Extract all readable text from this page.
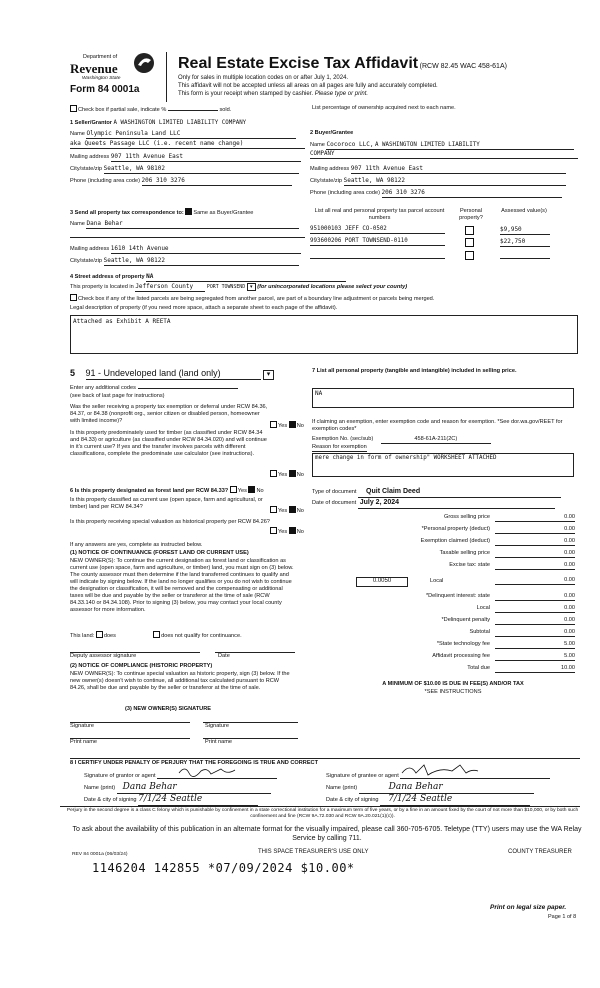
Department of
Revenue
Washington State
Form 84 0001a
Real Estate Excise Tax Affidavit (RCW 82.45 WAC 458-61A)
Only for sales in multiple location codes on or after July 1, 2024.
This affidavit will not be accepted unless all areas on all pages are fully and accurately completed.
This form is your receipt when stamped by cashier. Please type or print.
Check box if partial sale, indicate %	sold.	List percentage of ownership acquired next to each name.
1 Seller/Grantor A WASHINGTON LIMITED LIABILITY COMPANY
Name Olympic Peninsula Land LLC
aka Queets Passage LLC (i.e. recent name change)
Mailing address 907 11th Avenue East
City/state/zip Seattle, WA 98102
Phone (including area code) 206 310 3276
2 Buyer/Grantee
Name Cocoroco LLC, A WASHINGTON LIMITED LIABILITY
COMPANY
Mailing address 907 11th Avenue East
City/state/zip Seattle, WA 98122
Phone (including area code) 206 310 3276
3 Send all property tax correspondence to: Same as Buyer/Grantee
Name Dana Behar
Mailing address 1610 14th Avenue
City/state/zip Seattle, WA 98122
List all real and personal property tax parcel account numbers
Personal property?
Assessed value(s)
951000103 JEFF CO-0502	$9,950
993600206 PORT TOWNSEND-0110	$22,750
4 Street address of property NA
This property is located in Jefferson County	PORT TOWNSEND ▾ (for unincorporated locations please select your county)
Check box if any of the listed parcels are being segregated from another parcel, are part of a boundary line adjustment or parcels being merged.
Legal description of property (if you need more space, attach a separate sheet to each page of the affidavit).
Attached as Exhibit A REETA
5 91 - Undeveloped land (land only)	▾
Enter any additional codes
(see back of last page for instructions)
Was the seller receiving a property tax exemption or deferral under RCW 84.36, 84.37, or 84.38 (nonprofit org., senior citizen or disabled person, homeowner with limited income)?
Yes No
Is this property predominately used for timber (as classified under RCW 84.34 and 84.33) or agriculture (as classified under RCW 84.34.020) and will continue in it's current use? If yes and the transfer involves parcels with different classifications, complete the predominate use calculator (see instructions).
Yes No
6 Is this property designated as forest land per RCW 84.33? Yes No
Is this property classified as current use (open space, farm and agricultural, or timber) land per RCW 84.34?
Yes No
Is this property receiving special valuation as historical property per RCW 84.26?
Yes No
If any answers are yes, complete as instructed below.
(1) NOTICE OF CONTINUANCE (FOREST LAND OR CURRENT USE)
NEW OWNER(S): To continue the current designation as forest land or classification as current use (open space, farm and agriculture, or timber) land, you must sign on (3) below. The county assessor must then determine if the land transferred continues to qualify and will indicate by signing below. If the land no longer qualifies or you do not wish to continue the designation or classification, it will be removed and the compensating or additional taxes will be due and payable by the seller or transferor at the time of sale (RCW 84.33.140 or 84.34.108). Prior to signing (3) below, you may contact your local county assessor for more information.
This land: does	does not qualify for continuance.
Deputy assessor signature	Date
(2) NOTICE OF COMPLIANCE (HISTORIC PROPERTY)
NEW OWNER(S): To continue special valuation as historic property, sign (3) below. If the new owner(s) doesn't wish to continue, all additional tax calculated pursuant to RCW 84.26, shall be due and payable by the seller or transferor at the time of sale.
(3) NEW OWNER(S) SIGNATURE
Signature	Signature
Print name	Print name
7 List all personal property (tangible and intangible) included in selling price.
NA
If claiming an exemption, enter exemption code and reason for exemption. *See dor.wa.gov/REET for exemption codes*
Exemption No. (sec/sub)	458-61A-211(2C)
Reason for exemption
mere change in form of ownership" WORKSHEET ATTACHED
Type of document Quit Claim Deed
Date of document July 2, 2024
Gross selling price	0.00
*Personal property (deduct)	0.00
Exemption claimed (deduct)	0.00
Taxable selling price	0.00
Excise tax: state	0.00
0.0050	Local	0.00
*Delinquent interest: state	0.00
Local	0.00
*Delinquent penalty	0.00
Subtotal	0.00
*State technology fee	5.00
Affidavit processing fee	5.00
Total due	10.00
A MINIMUM OF $10.00 IS DUE IN FEE(S) AND/OR TAX
*SEE INSTRUCTIONS
8 I CERTIFY UNDER PENALTY OF PERJURY THAT THE FOREGOING IS TRUE AND CORRECT
Signature of grantor or agent
Name (print) Dana Behar
Date & city of signing 7/1/24 Seattle
Signature of grantee or agent
Name (print)	Dana Behar
Date & city of signing 7/1/24 Seattle
Perjury in the second degree is a class C felony which is punishable by confinement in a state correctional institution for a maximum term of five years, or by a fine in an amount fixed by the court of not more than $10,000, or by both such confinement and fine (RCW 9A.72.030 and RCW 9A.20.021(1)(c)).
To ask about the availability of this publication in an alternate format for the visually impaired, please call 360-705-6705. Teletype (TTY) users may use the WA Relay Service by calling 711.
REV 84 0001a (06/03/24)	THIS SPACE TREASURER'S USE ONLY	COUNTY TREASURER
1146204 142855 *07/09/2024 $10.00*
Print on legal size paper.
Page 1 of 8
